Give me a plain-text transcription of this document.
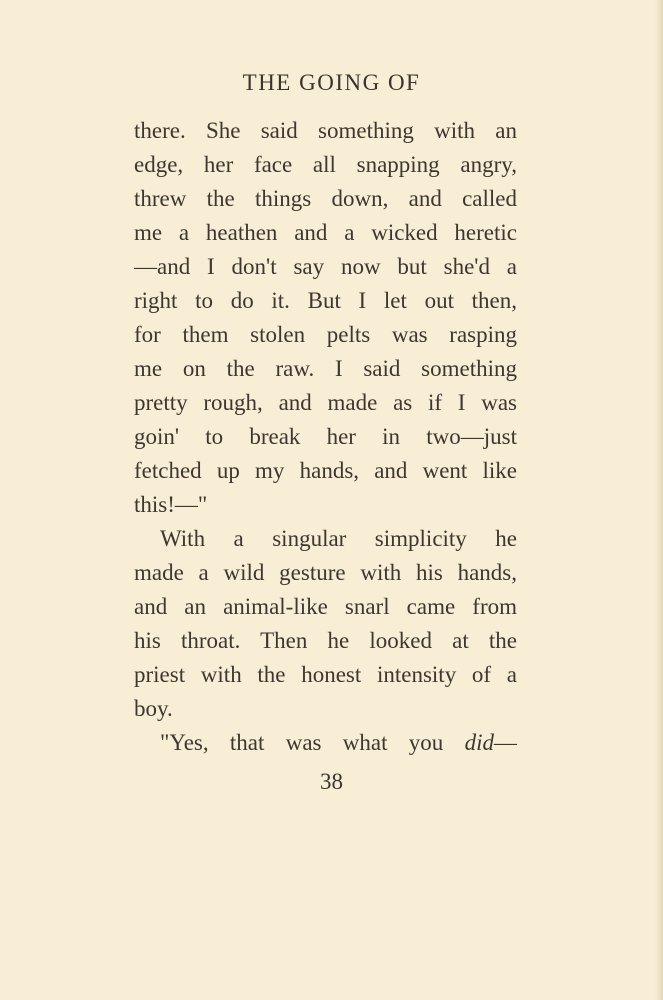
THE GOING OF
there. She said something with an
edge, her face all snapping angry,
threw the things down, and called
me a heathen and a wicked heretic
—and I don't say now but she'd a
right to do it. But I let out then,
for them stolen pelts was rasping
me on the raw. I said something
pretty rough, and made as if I was
goin' to break her in two—just
fetched up my hands, and went like
this!—"
With a singular simplicity he
made a wild gesture with his hands,
and an animal-like snarl came from
his throat. Then he looked at the
priest with the honest intensity of a
boy.
"Yes, that was what you did—
38
